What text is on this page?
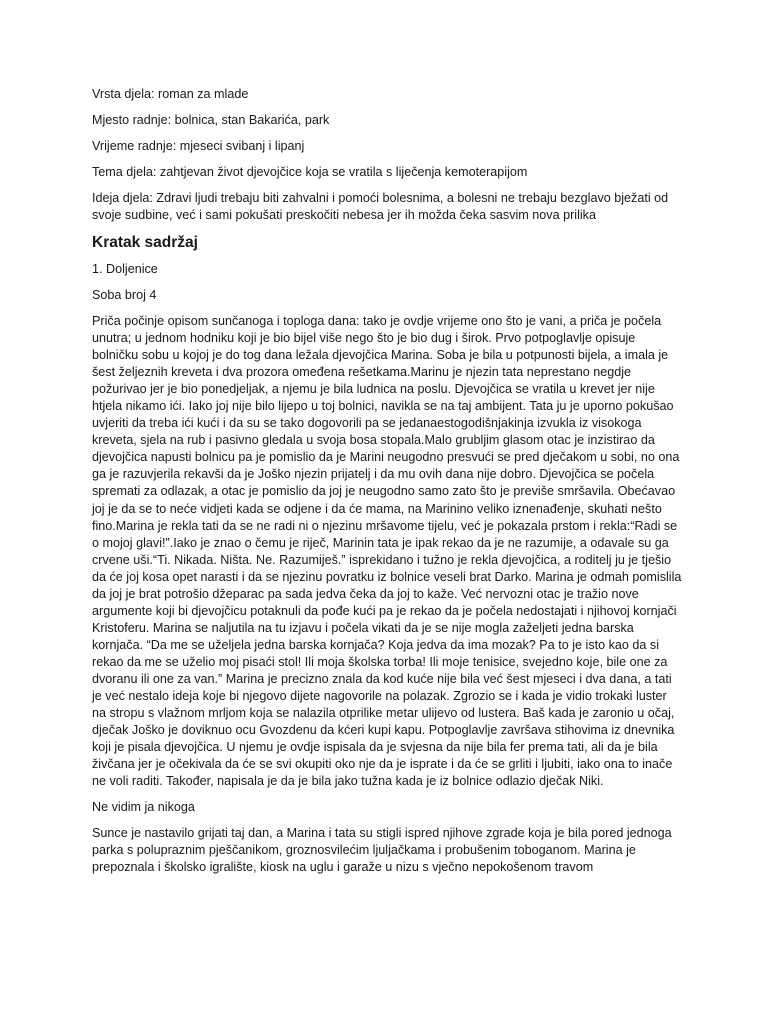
Vrsta djela: roman za mlade

Mjesto radnje: bolnica, stan Bakarića, park

Vrijeme radnje: mjeseci svibanj i lipanj

Tema djela: zahtjevan život djevojčice koja se vratila s liječenja kemoterapijom

Ideja djela: Zdravi ljudi trebaju biti zahvalni i pomoći bolesnima, a bolesni ne trebaju bezglavo bježati od svoje sudbine, već i sami pokušati preskočiti nebesa jer ih možda čeka sasvim nova prilika

Kratak sadržaj

1. Doljenice

Soba broj 4

Priča počinje opisom sunčanoga i toploga dana: tako je ovdje vrijeme ono što je vani, a priča je počela unutra; u jednom hodniku koji je bio bijel više nego što je bio dug i širok. Prvo potpoglavlje opisuje bolničku sobu u kojoj je do tog dana ležala djevojčica Marina. Soba je bila u potpunosti bijela, a imala je šest željeznih kreveta i dva prozora omeđena rešetkama.Marinu je njezin tata neprestano negdje požurivao jer je bio ponedjeljak, a njemu je bila ludnica na poslu. Djevojčica se vratila u krevet jer nije htjela nikamo ići. Iako joj nije bilo lijepo u toj bolnici, navikla se na taj ambijent. Tata ju je uporno pokušao uvjeriti da treba ići kući i da su se tako dogovorili pa se jedanaestogodišnjakinja izvukla iz visokoga kreveta, sjela na rub i pasivno gledala u svoja bosa stopala.Malo grubljim glasom otac je inzistirao da djevojčica napusti bolnicu pa je pomislio da je Marini neugodno presvući se pred dječakom u sobi, no ona ga je razuvjerila rekavši da je Joško njezin prijatelj i da mu ovih dana nije dobro. Djevojčica se počela spremati za odlazak, a otac je pomislio da joj je neugodno samo zato što je previše smršavila. Obećavao joj je da se to neće vidjeti kada se odjene i da će mama, na Marinino veliko iznenađenje, skuhati nešto fino.Marina je rekla tati da se ne radi ni o njezinu mršavome tijelu, već je pokazala prstom i rekla:“Radi se o mojoj glavi!”.Iako je znao o čemu je riječ, Marinin tata je ipak rekao da je ne razumije, a odavale su ga crvene uši.“Ti. Nikada. Ništa. Ne. Razumiješ.” isprekidano i tužno je rekla djevojčica, a roditelj ju je tješio da će joj kosa opet narasti i da se njezinu povratku iz bolnice veseli brat Darko. Marina je odmah pomislila da joj je brat potrošio džeparac pa sada jedva čeka da joj to kaže. Već nervozni otac je tražio nove argumente koji bi djevojčicu potaknuli da pođe kući pa je rekao da je počela nedostajati i njihovoj kornjači Kristoferu. Marina se naljutila na tu izjavu i počela vikati da je se nije mogla zaželjeti jedna barska kornjača. “Da me se uželjela jedna barska kornjača? Koja jedva da ima mozak? Pa to je isto kao da si rekao da me se uželio moj pisaći stol! Ili moja školska torba! Ili moje tenisice, svejedno koje, bile one za dvoranu ili one za van.” Marina je precizno znala da kod kuće nije bila već šest mjeseci i dva dana, a tati je već nestalo ideja koje bi njegovo dijete nagovorile na polazak. Zgrozio se i kada je vidio trokaki luster na stropu s vlažnom mrljom koja se nalazila otprilike metar ulijevo od lustera. Baš kada je zaronio u očaj, dječak Joško je doviknuo ocu Gvozdenu da kćeri kupi kapu. Potpoglavlje završava stihovima iz dnevnika koji je pisala djevojčica. U njemu je ovdje ispisala da je svjesna da nije bila fer prema tati, ali da je bila živčana jer je očekivala da će se svi okupiti oko nje da je isprate i da će se grliti i ljubiti, iako ona to inače ne voli raditi. Također, napisala je da je bila jako tužna kada je iz bolnice odlazio dječak Niki.

Ne vidim ja nikoga

Sunce je nastavilo grijati taj dan, a Marina i tata su stigli ispred njihove zgrade koja je bila pored jednoga parka s polupraznim pješčanikom, groznosvilećim ljuljačkama i probušenim toboganom. Marina je prepoznala i školsko igralište, kiosk na uglu i garaže u nizu s vječno nepokošenom travom
